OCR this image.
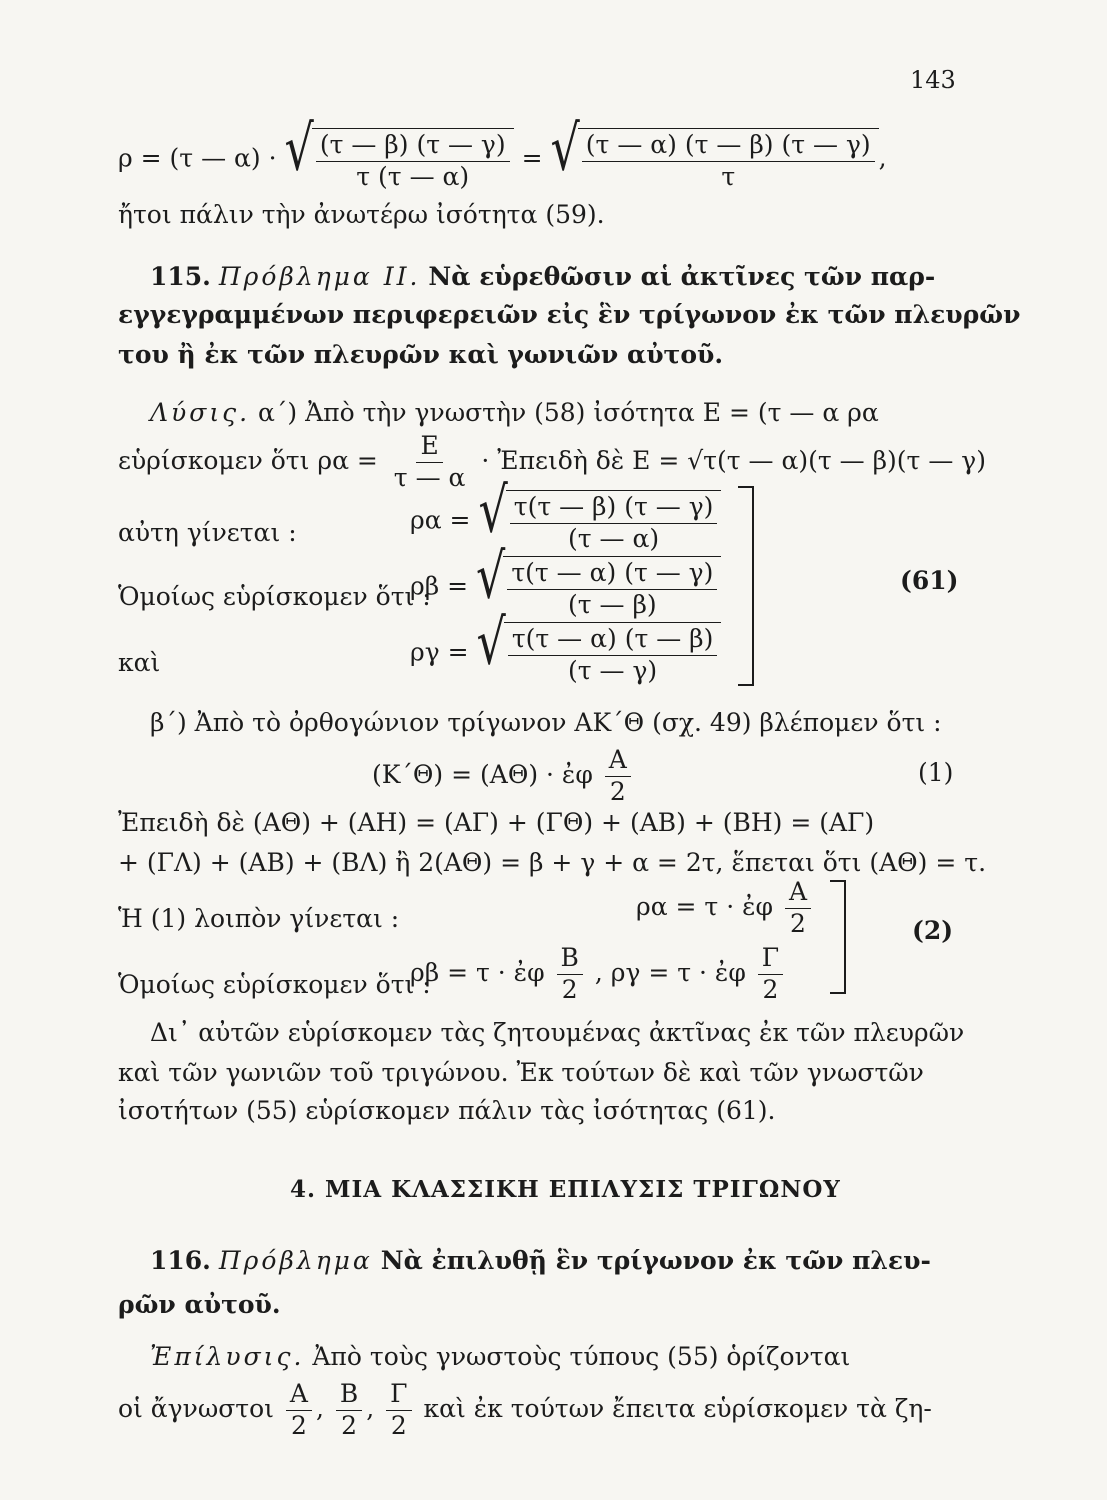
143
ρ = (τ — α) · √ $\frac{(\tau — \beta) (\tau — \gamma)}{\tau (\tau — \alpha)}$ = √ $\frac{(\tau — \alpha) (\tau — \beta) (\tau — \gamma)}{\tau}$ ,
ἤτοι πάλιν τὴν ἀνωτέρω ἰσότητα (59).
115. Πρόβλημα ΙΙ. Νὰ εὑρεθῶσιν αἱ ἀκτῖνες τῶν παρ-
εγγεγραμμένων περιφερειῶν εἰς ἓν τρίγωνον ἐκ τῶν πλευρῶν
του ἢ ἐκ τῶν πλευρῶν καὶ γωνιῶν αὐτοῦ.
Λύσις. α΄) Ἀπὸ τὴν γνωστὴν (58) ἰσότητα Ε = (τ — α ρα
εὑρίσκομεν ὅτι $\rho\alpha = \frac{E}{\tau — \alpha}$ · Ἐπειδὴ δὲ Ε = √τ(τ — α)(τ — β)(τ — γ)
αὐτη γίνεται :	ρα = √ $\frac{\tau(\tau — \beta) (\tau — \gamma)}{(\tau — \alpha)}$
Ὁμοίως εὑρίσκομεν ὅτι :
ρβ = √ $\frac{\tau(\tau — \alpha) (\tau — \gamma)}{(\tau — \beta)}$
καὶ	ργ = √ $\frac{\tau(\tau — \alpha) (\tau — \beta)}{(\tau — \gamma)}$
(61)
β΄) Ἀπὸ τὸ ὀρθογώνιον τρίγωνον ΑΚ΄Θ (σχ. 49) βλέπομεν ὅτι :
(Κ΄Θ) = (ΑΘ) · ἐφ $\frac{A}{2}$	(1)
Ἐπειδὴ δὲ (ΑΘ) + (ΑΗ) = (ΑΓ) + (ΓΘ) + (ΑΒ) + (ΒΗ) = (ΑΓ)
+ (ΓΛ) + (ΑΒ) + (ΒΛ) ἢ 2(ΑΘ) = β + γ + α = 2τ, ἕπεται ὅτι (ΑΘ) = τ.
Ἡ (1) λοιπὸν γίνεται :	ρα = τ · ἐφ $\frac{A}{2}$
Ὁμοίως εὑρίσκομεν ὅτι :
ρβ = τ · ἐφ $\frac{B}{2}$ , ργ = τ · ἐφ $\frac{\Gamma}{2}$
(2)
Δι᾽ αὐτῶν εὑρίσκομεν τὰς ζητουμένας ἀκτῖνας ἐκ τῶν πλευρῶν
καὶ τῶν γωνιῶν τοῦ τριγώνου. Ἐκ τούτων δὲ καὶ τῶν γνωστῶν
ἰσοτήτων (55) εὑρίσκομεν πάλιν τὰς ἰσότητας (61).
4. ΜΙΑ ΚΛΑΣΣΙΚΗ ΕΠΙΛΥΣΙΣ ΤΡΙΓΩΝΟΥ
116. Πρόβλημα Νὰ ἐπιλυθῇ ἓν τρίγωνον ἐκ τῶν πλευ-
ρῶν αὐτοῦ.
Ἐπίλυσις. Ἀπὸ τοὺς γνωστοὺς τύπους (55) ὁρίζονται
οἱ ἄγνωστοι $\frac{A}{2}$ , $\frac{B}{2}$ , $\frac{\Gamma}{2}$ καὶ ἐκ τούτων ἔπειτα εὑρίσκομεν τὰ ζη-
